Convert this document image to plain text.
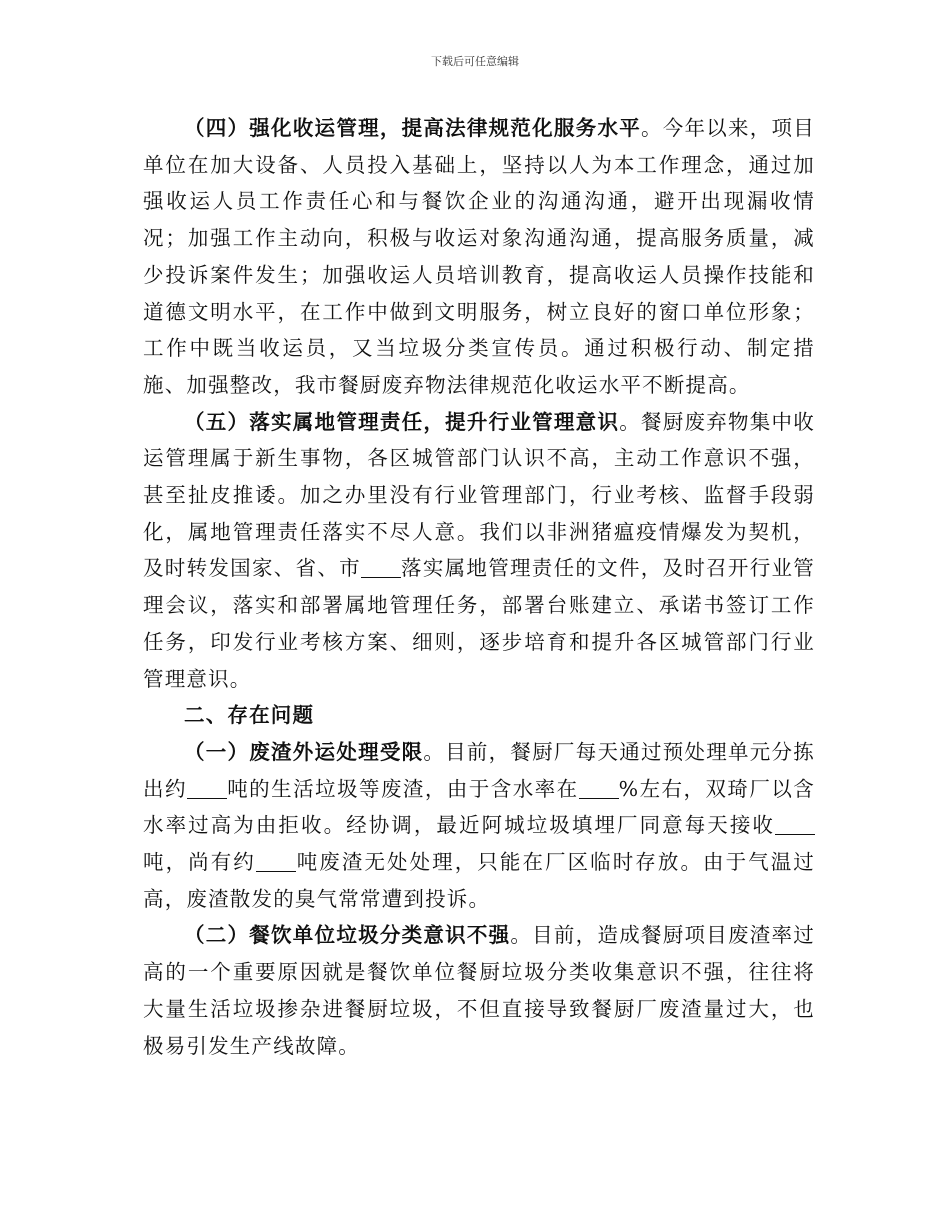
下载后可任意编辑

（四）强化收运管理，提高法律规范化服务水平。今年以来，项目单位在加大设备、人员投入基础上，坚持以人为本工作理念，通过加强收运人员工作责任心和与餐饮企业的沟通沟通，避开出现漏收情况；加强工作主动向，积极与收运对象沟通沟通，提高服务质量，减少投诉案件发生；加强收运人员培训教育，提高收运人员操作技能和道德文明水平，在工作中做到文明服务，树立良好的窗口单位形象；工作中既当收运员，又当垃圾分类宣传员。通过积极行动、制定措施、加强整改，我市餐厨废弃物法律规范化收运水平不断提高。

（五）落实属地管理责任，提升行业管理意识。餐厨废弃物集中收运管理属于新生事物，各区城管部门认识不高，主动工作意识不强，甚至扯皮推诿。加之办里没有行业管理部门，行业考核、监督手段弱化，属地管理责任落实不尽人意。我们以非洲猪瘟疫情爆发为契机，及时转发国家、省、市 落实属地管理责任的文件，及时召开行业管理会议，落实和部署属地管理任务，部署台账建立、承诺书签订工作任务，印发行业考核方案、细则，逐步培育和提升各区城管部门行业管理意识。

二、存在问题

（一）废渣外运处理受限。目前，餐厨厂每天通过预处理单元分拣出约 吨的生活垃圾等废渣，由于含水率在 %左右，双琦厂以含水率过高为由拒收。经协调，最近阿城垃圾填埋厂同意每天接收吨，尚有约 吨废渣无处处理，只能在厂区临时存放。由于气温过高，废渣散发的臭气常常遭到投诉。

（二）餐饮单位垃圾分类意识不强。目前，造成餐厨项目废渣率过高的一个重要原因就是餐饮单位餐厨垃圾分类收集意识不强，往往将大量生活垃圾掺杂进餐厨垃圾，不但直接导致餐厨厂废渣量过大，也极易引发生产线故障。
